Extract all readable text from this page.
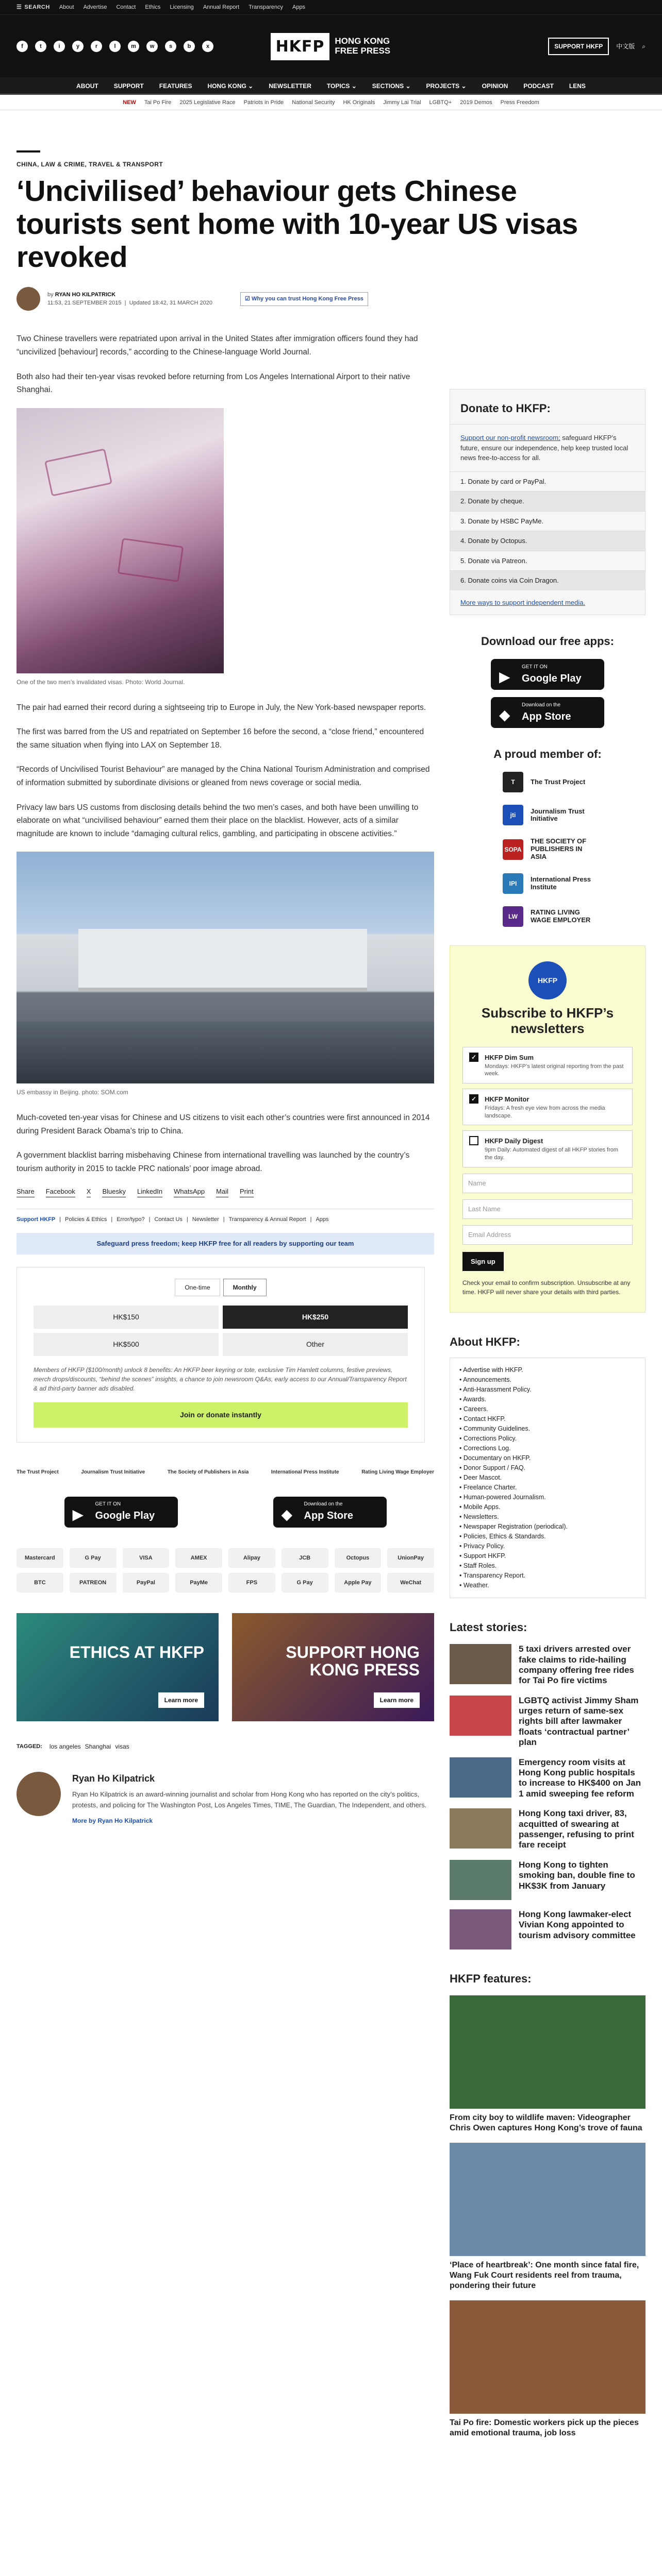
☰ SEARCH About Advertise Contact Ethics Licensing Annual Report Transparency Apps
f	t	i	y	r	l	m	w	s	b	x	HKFP	HONG KONG FREE PRESS	SUPPORT HKFP	中文版 ⌕
ABOUT	SUPPORT	FEATURES	HONG KONG ⌄	NEWSLETTER	TOPICS ⌄	SECTIONS ⌄	PROJECTS ⌄	OPINION	PODCAST	LENS
NEW Tai Po Fire 2025 Legislative Race Patriots in Pride National Security HK Originals Jimmy Lai Trial LGBTQ+ 2019 Demos Press Freedom
CHINA, LAW & CRIME, TRAVEL & TRANSPORT
‘Uncivilised’ behaviour gets Chinese tourists sent home with 10-year US visas revoked
by RYAN HO KILPATRICK
11:53, 21 SEPTEMBER 2015  |  Updated 18:42, 31 MARCH 2020
☑ Why you can trust Hong Kong Free Press

Two Chinese travellers were repatriated upon arrival in the United States after immigration officers found they had “uncivilized [behaviour] records,” according to the Chinese-language World Journal.

Both also had their ten-year visas revoked before returning from Los Angeles International Airport to their native Shanghai.

One of the two men’s invalidated visas. Photo: World Journal.

The pair had earned their record during a sightseeing trip to Europe in July, the New York-based newspaper reports.

The first was barred from the US and repatriated on September 16 before the second, a “close friend,” encountered the same situation when flying into LAX on September 18.

“Records of Uncivilised Tourist Behaviour” are managed by the China National Tourism Administration and comprised of information submitted by subordinate divisions or gleaned from news coverage or social media.

Privacy law bars US customs from disclosing details behind the two men’s cases, and both have been unwilling to elaborate on what “uncivilised behaviour” earned them their place on the blacklist. However, acts of a similar magnitude are known to include “damaging cultural relics, gambling, and participating in obscene activities.”

US embassy in Beijing. photo: SOM.com

Much-coveted ten-year visas for Chinese and US citizens to visit each other’s countries were first announced in 2014 during President Barack Obama’s trip to China.

A government blacklist barring misbehaving Chinese from international travelling was launched by the country’s tourism authority in 2015 to tackle PRC nationals’ poor image abroad.

Share Facebook X Bluesky LinkedIn WhatsApp Mail Print
Support HKFP | Policies & Ethics | Error/typo? | Contact Us | Newsletter | Transparency & Annual Report | Apps
Safeguard press freedom; keep HKFP free for all readers by supporting our team
One-time	Monthly
HK$150	HK$250
HK$500	Other
Members of HKFP ($100/month) unlock 8 benefits: An HKFP beer keyring or tote, exclusive Tim Hamlett columns, festive previews, merch drops/discounts, “behind the scenes” insights, a chance to join newsroom Q&As, early access to our Annual/Transparency Report & ad third-party banner ads disabled.
Join or donate instantly
The Trust Project	Journalism Trust Initiative	The Society of Publishers in Asia	International Press Institute	Rating Living Wage Employer
▶
GET IT ON
Google Play	◆
Download on the
App Store
Mastercard	G Pay	VISA	AMEX	Alipay	JCB	Octopus	UnionPay
BTC	PATREON	PayPal	PayMe	FPS	G Pay	Apple Pay	WeChat
ETHICS AT HKFP
Learn more
SUPPORT HONG KONG PRESS
Learn more
TAGGED: los angeles Shanghai visas
Ryan Ho Kilpatrick

Ryan Ho Kilpatrick is an award-winning journalist and scholar from Hong Kong who has reported on the city’s politics, protests, and policing for The Washington Post, Los Angeles Times, TIME, The Guardian, The Independent, and others.

More by Ryan Ho Kilpatrick
Donate to HKFP:
Support our non-profit newsroom; safeguard HKFP’s future, ensure our independence, help keep trusted local news free-to-access for all.
1. Donate by card or PayPal.
2. Donate by cheque.
3. Donate by HSBC PayMe.
4. Donate by Octopus.
5. Donate via Patreon.
6. Donate coins via Coin Dragon.
More ways to support independent media.
Download our free apps:
▶
GET IT ON
Google Play
◆
Download on the
App Store
A proud member of:
T	The Trust Project
jti
Journalism Trust Initiative
SOPA
THE SOCIETY OF PUBLISHERS IN ASIA
IPI
International Press Institute
LW
RATING LIVING WAGE EMPLOYER
HKFP
Subscribe to HKFP’s newsletters
✓	HKFP Dim Sum
Mondays: HKFP’s latest original reporting from the past week.
✓	HKFP Monitor
Fridays: A fresh eye view from across the media landscape.
HKFP Daily Digest
9pm Daily: Automated digest of all HKFP stories from the day.
Name
Last Name
Email Address
Sign up
Check your email to confirm subscription. Unsubscribe at any time. HKFP will never share your details with third parties.
About HKFP:
• Advertise with HKFP.
• Announcements.
• Anti-Harassment Policy.
• Awards.
• Careers.
• Contact HKFP.
• Community Guidelines.
• Corrections Policy.
• Corrections Log.
• Documentary on HKFP.
• Donor Support / FAQ.
• Deer Mascot.
• Freelance Charter.
• Human-powered Journalism.
• Mobile Apps.
• Newsletters.
• Newspaper Registration (periodical).
• Policies, Ethics & Standards.
• Privacy Policy.
• Support HKFP.
• Staff Roles.
• Transparency Report.
• Weather.
Latest stories:
5 taxi drivers arrested over fake claims to ride-hailing company offering free rides for Tai Po fire victims
LGBTQ activist Jimmy Sham urges return of same-sex rights bill after lawmaker floats ‘contractual partner’ plan
Emergency room visits at Hong Kong public hospitals to increase to HK$400 on Jan 1 amid sweeping fee reform
Hong Kong taxi driver, 83, acquitted of swearing at passenger, refusing to print fare receipt
Hong Kong to tighten smoking ban, double fine to HK$3K from January
Hong Kong lawmaker-elect Vivian Kong appointed to tourism advisory committee
HKFP features:
From city boy to wildlife maven: Videographer Chris Owen captures Hong Kong’s trove of fauna
‘Place of heartbreak’: One month since fatal fire, Wang Fuk Court residents reel from trauma, pondering their future
Tai Po fire: Domestic workers pick up the pieces amid emotional trauma, job loss
